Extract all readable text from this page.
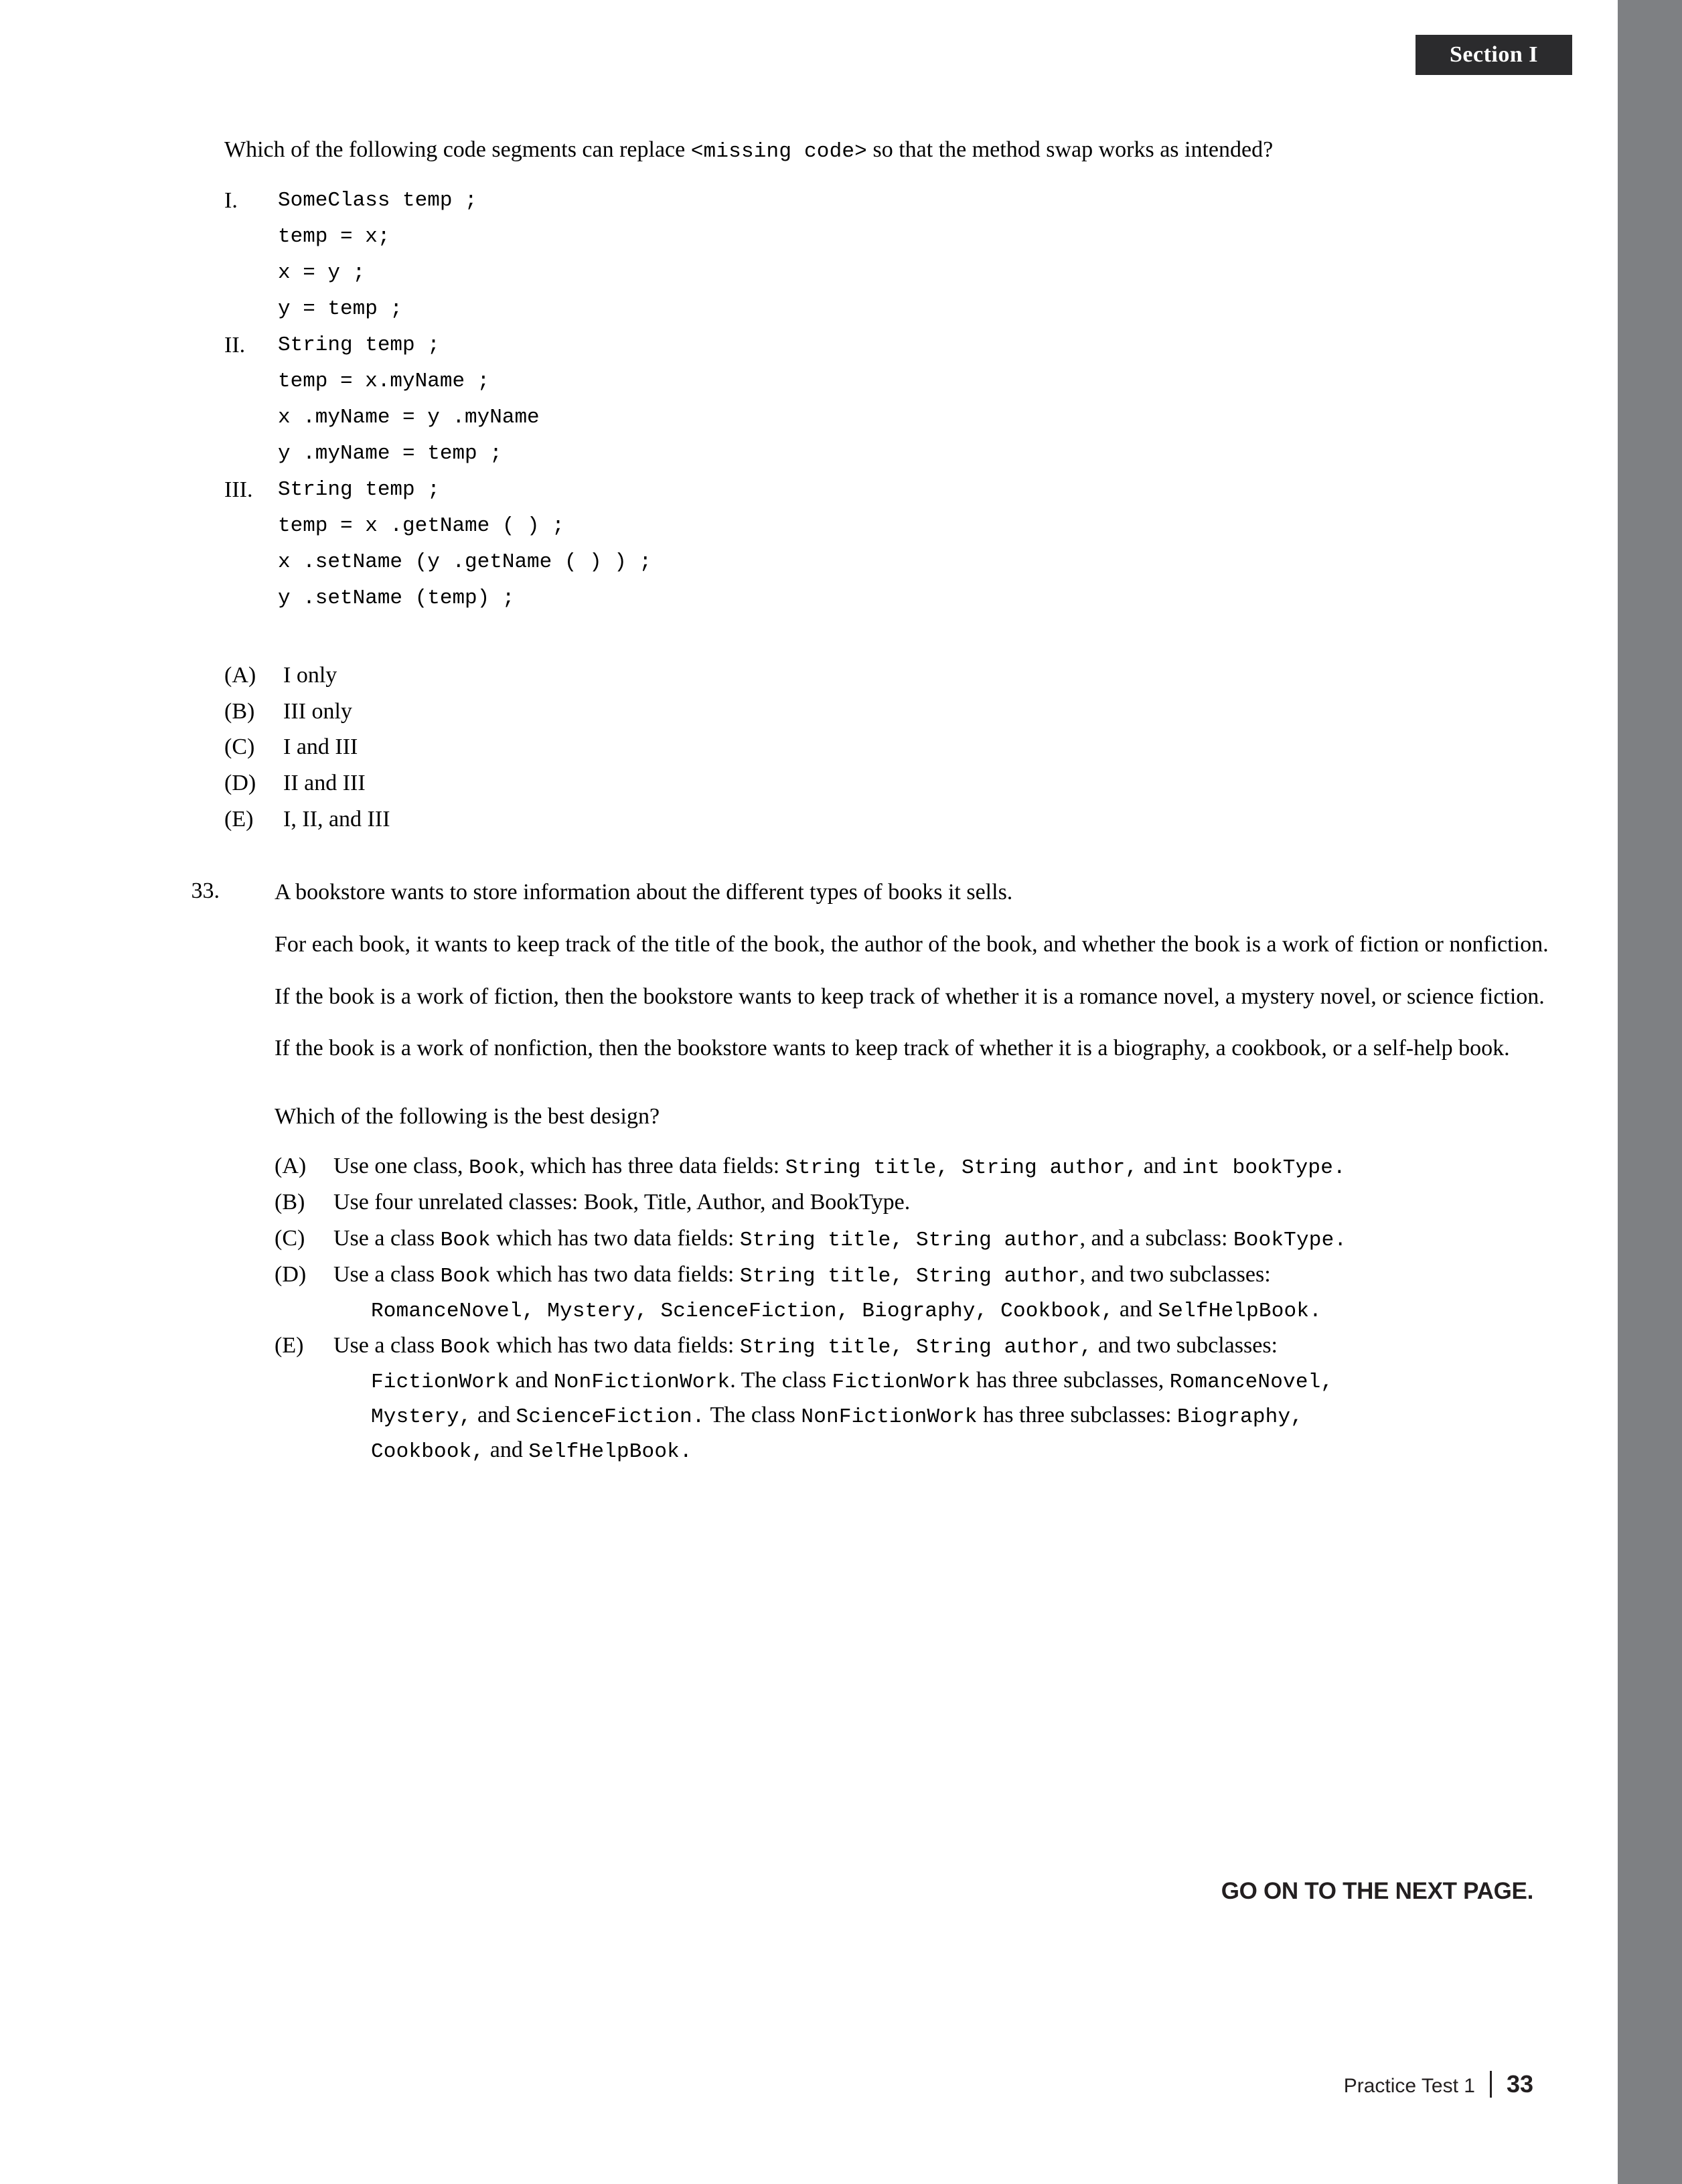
Section I

Which of the following code segments can replace <missing code> so that the method swap works as intended?

I.	SomeClass temp ;
temp = x;
x = y ;
y = temp ;
II.	String temp ;
temp = x.myName ;
x .myName = y .myName
y .myName = temp ;
III.	String temp ;
temp = x .getName ( ) ;
x .setName (y .getName ( ) ) ;
y .setName (temp) ;
(A)	I only
(B)	III only
(C)	I and III
(D)	II and III
(E)	I, II, and III
33. A bookstore wants to store information about the different types of books it sells.

For each book, it wants to keep track of the title of the book, the author of the book, and whether the book is a work of fiction or nonfiction.

If the book is a work of fiction, then the bookstore wants to keep track of whether it is a romance novel, a mystery novel, or science fiction.

If the book is a work of nonfiction, then the bookstore wants to keep track of whether it is a biography, a cookbook, or a self-help book.

Which of the following is the best design?

(A)	Use one class, Book, which has three data fields: String title, String author, and int bookType.
(B)	Use four unrelated classes: Book, Title, Author, and BookType.
(C)	Use a class Book which has two data fields: String title, String author, and a subclass: BookType.
(D)	Use a class Book which has two data fields: String title, String author, and two subclasses:
RomanceNovel, Mystery, ScienceFiction, Biography, Cookbook, and SelfHelpBook.
(E)	Use a class Book which has two data fields: String title, String author, and two subclasses:
FictionWork and NonFictionWork. The class FictionWork has three subclasses, RomanceNovel,
Mystery, and ScienceFiction. The class NonFictionWork has three subclasses: Biography,
Cookbook, and SelfHelpBook.
GO ON TO THE NEXT PAGE.
Practice Test 1 33
